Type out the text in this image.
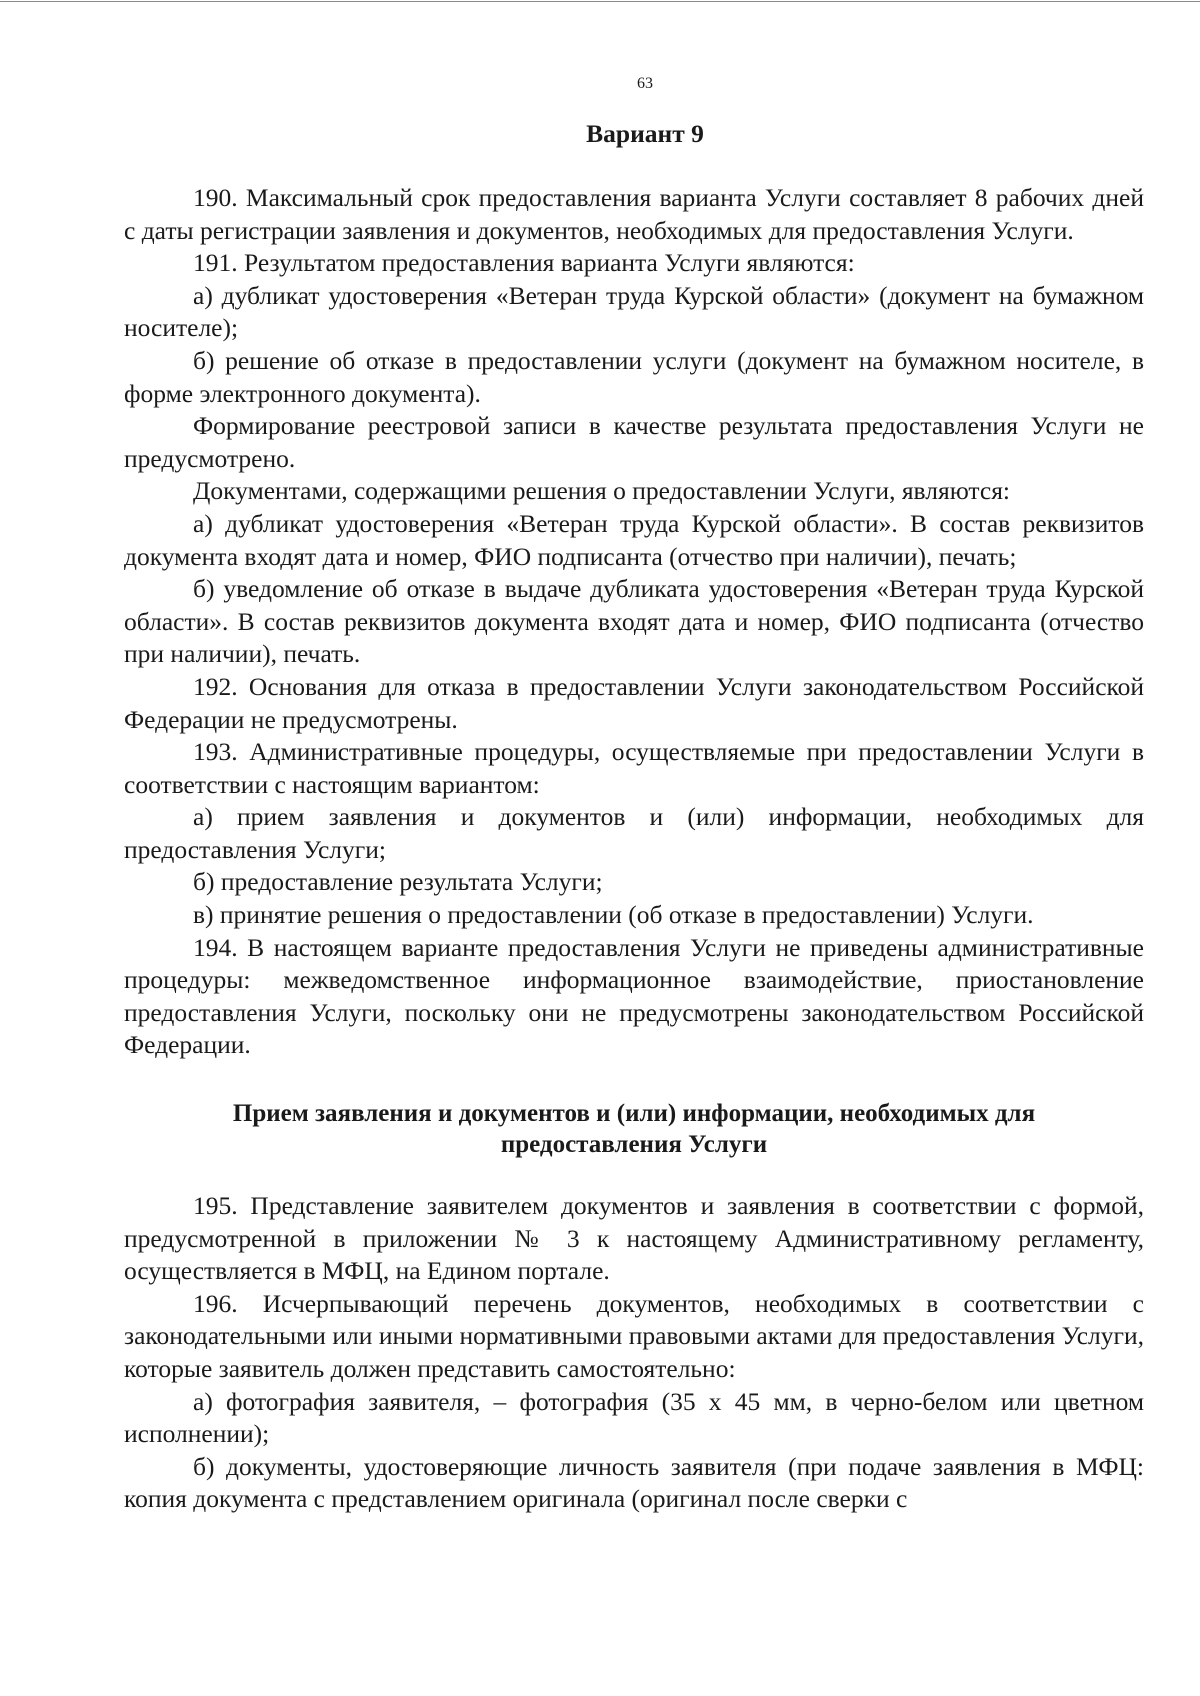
63
Вариант 9

190. Максимальный срок предоставления варианта Услуги составляет 8 рабочих дней с даты регистрации заявления и документов, необходимых для предоставления Услуги.

191. Результатом предоставления варианта Услуги являются:

а) дубликат удостоверения «Ветеран труда Курской области» (документ на бумажном носителе);

б) решение об отказе в предоставлении услуги (документ на бумажном носителе, в форме электронного документа).

Формирование реестровой записи в качестве результата предоставления Услуги не предусмотрено.

Документами, содержащими решения о предоставлении Услуги, являются:

а) дубликат удостоверения «Ветеран труда Курской области». В состав реквизитов документа входят дата и номер, ФИО подписанта (отчество при наличии), печать;

б) уведомление об отказе в выдаче дубликата удостоверения «Ветеран труда Курской области». В состав реквизитов документа входят дата и номер, ФИО подписанта (отчество при наличии), печать.

192. Основания для отказа в предоставлении Услуги законодательством Российской Федерации не предусмотрены.

193. Административные процедуры, осуществляемые при предоставлении Услуги в соответствии с настоящим вариантом:

а) прием заявления и документов и (или) информации, необходимых для предоставления Услуги;

б) предоставление результата Услуги;

в) принятие решения о предоставлении (об отказе в предоставлении) Услуги.

194. В настоящем варианте предоставления Услуги не приведены административные процедуры: межведомственное информационное взаимодействие, приостановление предоставления Услуги, поскольку они не предусмотрены законодательством Российской Федерации.

Прием заявления и документов и (или) информации, необходимых для
предоставления Услуги

195. Представление заявителем документов и заявления в соответствии с формой, предусмотренной в приложении № 3 к настоящему Административному регламенту, осуществляется в МФЦ, на Едином портале.

196. Исчерпывающий перечень документов, необходимых в соответствии с законодательными или иными нормативными правовыми актами для предоставления Услуги, которые заявитель должен представить самостоятельно:

а) фотография заявителя, – фотография (35 х 45 мм, в черно-белом или цветном исполнении);

б) документы, удостоверяющие личность заявителя (при подаче заявления в МФЦ: копия документа с представлением оригинала (оригинал после сверки с
